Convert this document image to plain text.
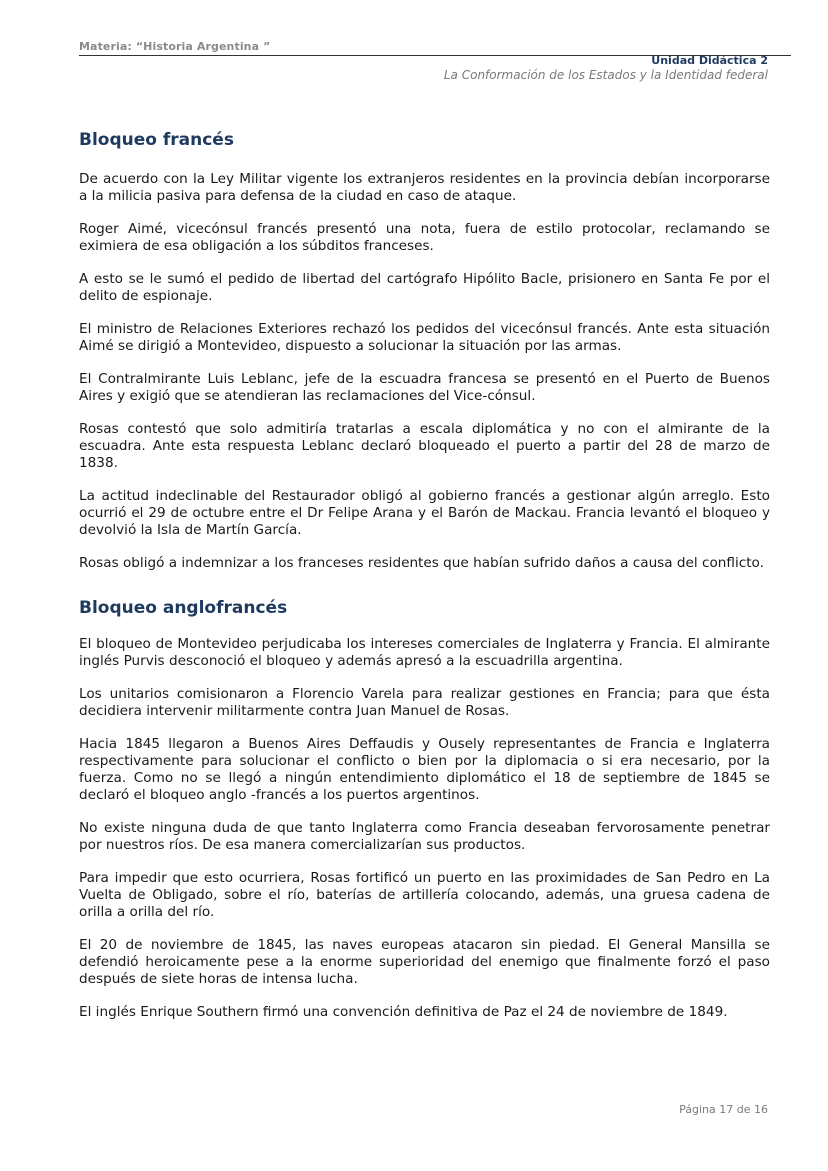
Materia: “Historia Argentina ”
Unidad Didáctica 2
La Conformación de los Estados y la Identidad federal
Bloqueo francés

De acuerdo con la Ley Militar vigente los extranjeros residentes en la provincia debían incorporarse a la milicia pasiva para defensa de la ciudad en caso de ataque.

Roger Aimé, vicecónsul francés presentó una nota, fuera de estilo protocolar, reclamando se eximiera de esa obligación a los súbditos franceses.

A esto se le sumó el pedido de libertad del cartógrafo Hipólito Bacle, prisionero en Santa Fe por el delito de espionaje.

El ministro de Relaciones Exteriores rechazó los pedidos del vicecónsul francés. Ante esta situación Aimé se dirigió a Montevideo, dispuesto a solucionar la situación por las armas.

El Contralmirante Luis Leblanc, jefe de la escuadra francesa se presentó en el Puerto de Buenos Aires y exigió que se atendieran las reclamaciones del Vice-cónsul.

Rosas contestó que solo admitiría tratarlas a escala diplomática y no con el almirante de la escuadra. Ante esta respuesta Leblanc declaró bloqueado el puerto a partir del 28 de marzo de 1838.

La actitud indeclinable del Restaurador obligó al gobierno francés a gestionar algún arreglo. Esto ocurrió el 29 de octubre entre el Dr Felipe Arana y el Barón de Mackau. Francia levantó el bloqueo y devolvió la Isla de Martín García.

Rosas obligó a indemnizar a los franceses residentes que habían sufrido daños a causa del conflicto.

Bloqueo anglofrancés

El bloqueo de Montevideo perjudicaba los intereses comerciales de Inglaterra y Francia. El almirante inglés Purvis desconoció el bloqueo y además apresó a la escuadrilla argentina.

Los unitarios comisionaron a Florencio Varela para realizar gestiones en Francia; para que ésta decidiera intervenir militarmente contra Juan Manuel de Rosas.

Hacia 1845 llegaron a Buenos Aires Deffaudis y Ousely representantes de Francia e Inglaterra respectivamente para solucionar el conflicto o bien por la diplomacia o si era necesario, por la fuerza. Como no se llegó a ningún entendimiento diplomático el 18 de septiembre de 1845 se declaró el bloqueo anglo -francés a los puertos argentinos.

No existe ninguna duda de que tanto Inglaterra como Francia deseaban fervorosamente penetrar por nuestros ríos. De esa manera comercializarían sus productos.

Para impedir que esto ocurriera, Rosas fortificó un puerto en las proximidades de San Pedro en La Vuelta de Obligado, sobre el río, baterías de artillería colocando, además, una gruesa cadena de orilla a orilla del río.

El 20 de noviembre de 1845, las naves europeas atacaron sin piedad. El General Mansilla se defendió heroicamente pese a la enorme superioridad del enemigo que finalmente forzó el paso después de siete horas de intensa lucha.

El inglés Enrique Southern firmó una convención definitiva de Paz el 24 de noviembre de 1849.

Página 17 de 16
